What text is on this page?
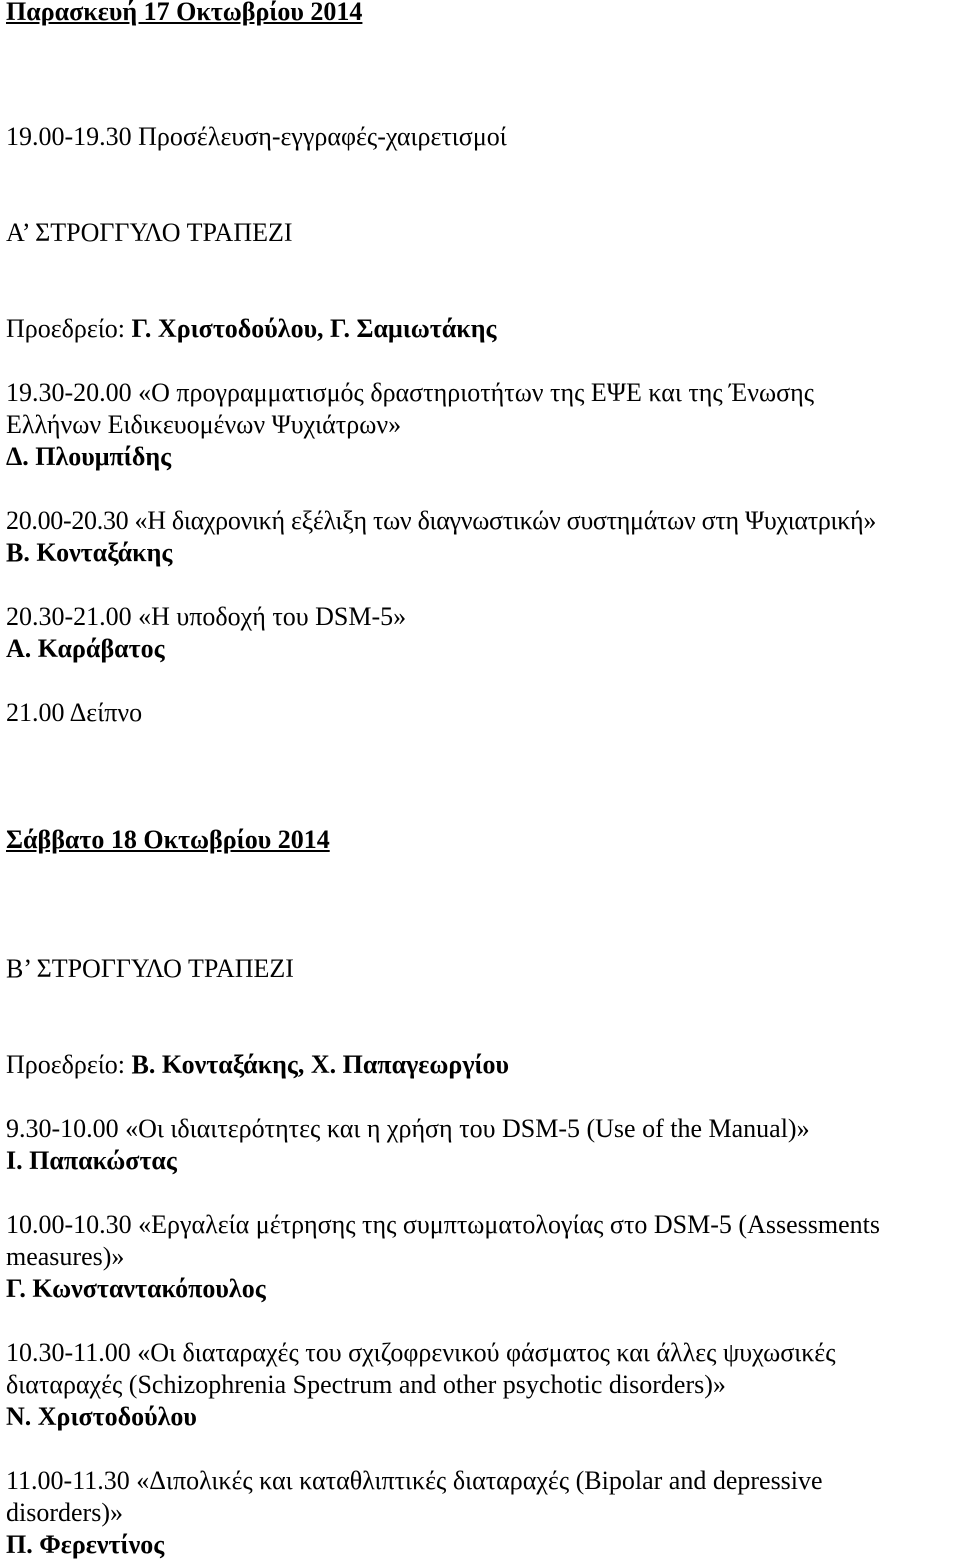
Παρασκευή 17 Οκτωβρίου 2014
19.00-19.30 Προσέλευση-εγγραφές-χαιρετισμοί
Α’ ΣΤΡΟΓΓΥΛΟ ΤΡΑΠΕΖΙ
Προεδρείο: Γ. Χριστοδούλου, Γ. Σαμιωτάκης
19.30-20.00 «Ο προγραμματισμός δραστηριοτήτων της ΕΨΕ και της Ένωσης
Ελλήνων Ειδικευομένων Ψυχιάτρων»
Δ. Πλουμπίδης
20.00-20.30 «Η διαχρονική εξέλιξη των διαγνωστικών συστημάτων στη Ψυχιατρική»
Β. Κονταξάκης
20.30-21.00 «Η υποδοχή του DSM-5»
Α. Καράβατος
21.00 Δείπνο
Σάββατο 18 Οκτωβρίου 2014
Β’ ΣΤΡΟΓΓΥΛΟ ΤΡΑΠΕΖΙ
Προεδρείο: Β. Κονταξάκης, Χ. Παπαγεωργίου
9.30-10.00 «Οι ιδιαιτερότητες και η χρήση του DSM-5 (Use of the Manual)»
Ι. Παπακώστας
10.00-10.30 «Εργαλεία μέτρησης της συμπτωματολογίας στο DSM-5 (Assessments
measures)»
Γ. Κωνσταντακόπουλος
10.30-11.00 «Οι διαταραχές του σχιζοφρενικού φάσματος και άλλες ψυχωσικές
διαταραχές (Schizophrenia Spectrum and other psychotic disorders)»
Ν. Χριστοδούλου
11.00-11.30 «Διπολικές και καταθλιπτικές διαταραχές (Bipolar and depressive
disorders)»
Π. Φερεντίνος
